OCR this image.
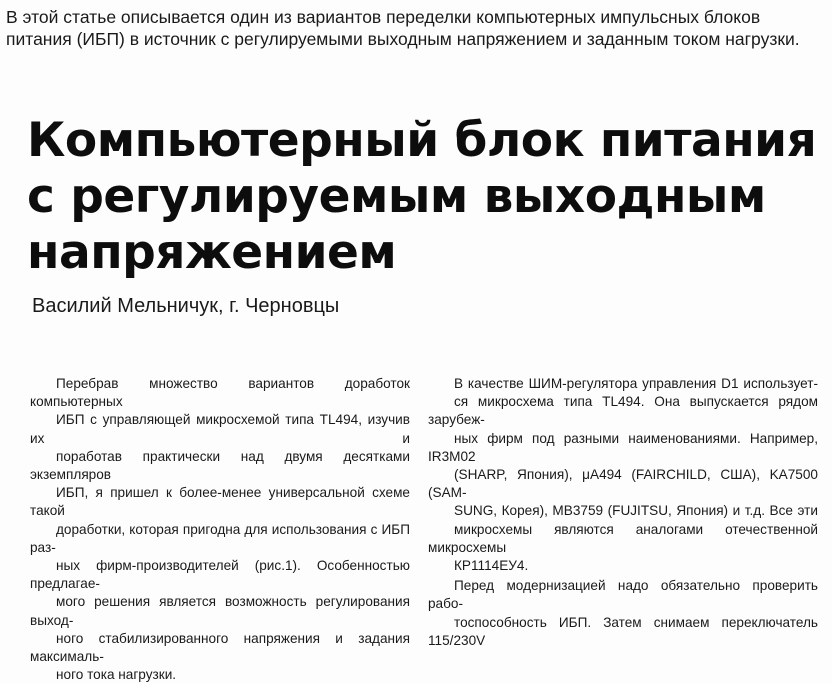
В этой статье описывается один из вариантов переделки компьютерных импульсных блоков питания (ИБП) в источник с регулируемыми выходным напряжением и заданным током нагрузки.
Компьютерный блок питания
с регулируемым выходным
напряжением
Василий Мельничук, г. Черновцы

Перебрав множество вариантов доработок компьютерных
ИБП с управляющей микросхемой типа TL494, изучив их и
поработав практически над двумя десятками экземпляров
ИБП, я пришел к более-менее универсальной схеме такой
доработки, которая пригодна для использования с ИБП раз-
ных фирм-производителей (рис.1). Особенностью предлагае-
мого решения является возможность регулирования выход-
ного стабилизированного напряжения и задания максималь-
ного тока нагрузки.

В качестве ШИМ-регулятора управления D1 использует-
ся микросхема типа TL494. Она выпускается рядом зарубеж-
ных фирм под разными наименованиями. Например, IR3M02
(SHARP, Япония), μA494 (FAIRCHILD, США), KA7500 (SAM-
SUNG, Корея), MB3759 (FUJITSU, Япония) и т.д. Все эти
микросхемы являются аналогами отечественной микросхемы
КР1114ЕУ4.

Перед модернизацией надо обязательно проверить рабо-
тоспособность ИБП. Затем снимаем переключатель 115/230V
